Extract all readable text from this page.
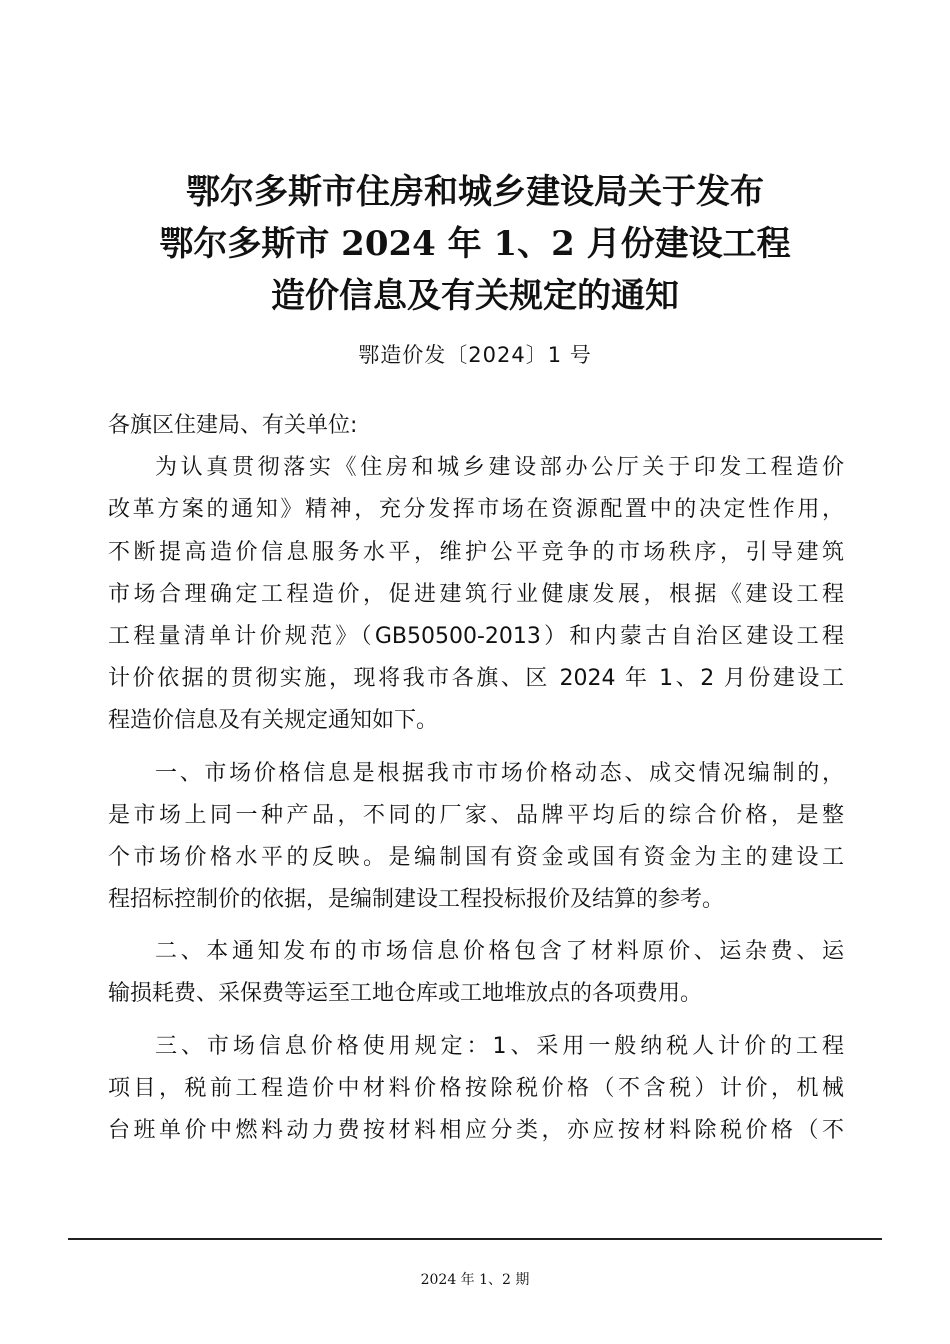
鄂尔多斯市住房和城乡建设局关于发布
鄂尔多斯市 2024 年 1、2 月份建设工程
造价信息及有关规定的通知
鄂造价发〔2024〕1 号
各旗区住建局、有关单位:
为认真贯彻落实《住房和城乡建设部办公厅关于印发工程造价
改革方案的通知》精神，充分发挥市场在资源配置中的决定性作用，
不断提高造价信息服务水平，维护公平竞争的市场秩序，引导建筑
市场合理确定工程造价，促进建筑行业健康发展，根据《建设工程
工程量清单计价规范》（GB50500-2013）和内蒙古自治区建设工程
计价依据的贯彻实施，现将我市各旗、区 2024 年 1、2 月份建设工
程造价信息及有关规定通知如下。
一、市场价格信息是根据我市市场价格动态、成交情况编制的，
是市场上同一种产品，不同的厂家、品牌平均后的综合价格，是整
个市场价格水平的反映。是编制国有资金或国有资金为主的建设工
程招标控制价的依据，是编制建设工程投标报价及结算的参考。
二、本通知发布的市场信息价格包含了材料原价、运杂费、运
输损耗费、采保费等运至工地仓库或工地堆放点的各项费用。
三、市场信息价格使用规定：1、采用一般纳税人计价的工程
项目，税前工程造价中材料价格按除税价格（不含税）计价，机械
台班单价中燃料动力费按材料相应分类，亦应按材料除税价格（不
2024 年 1、2 期
